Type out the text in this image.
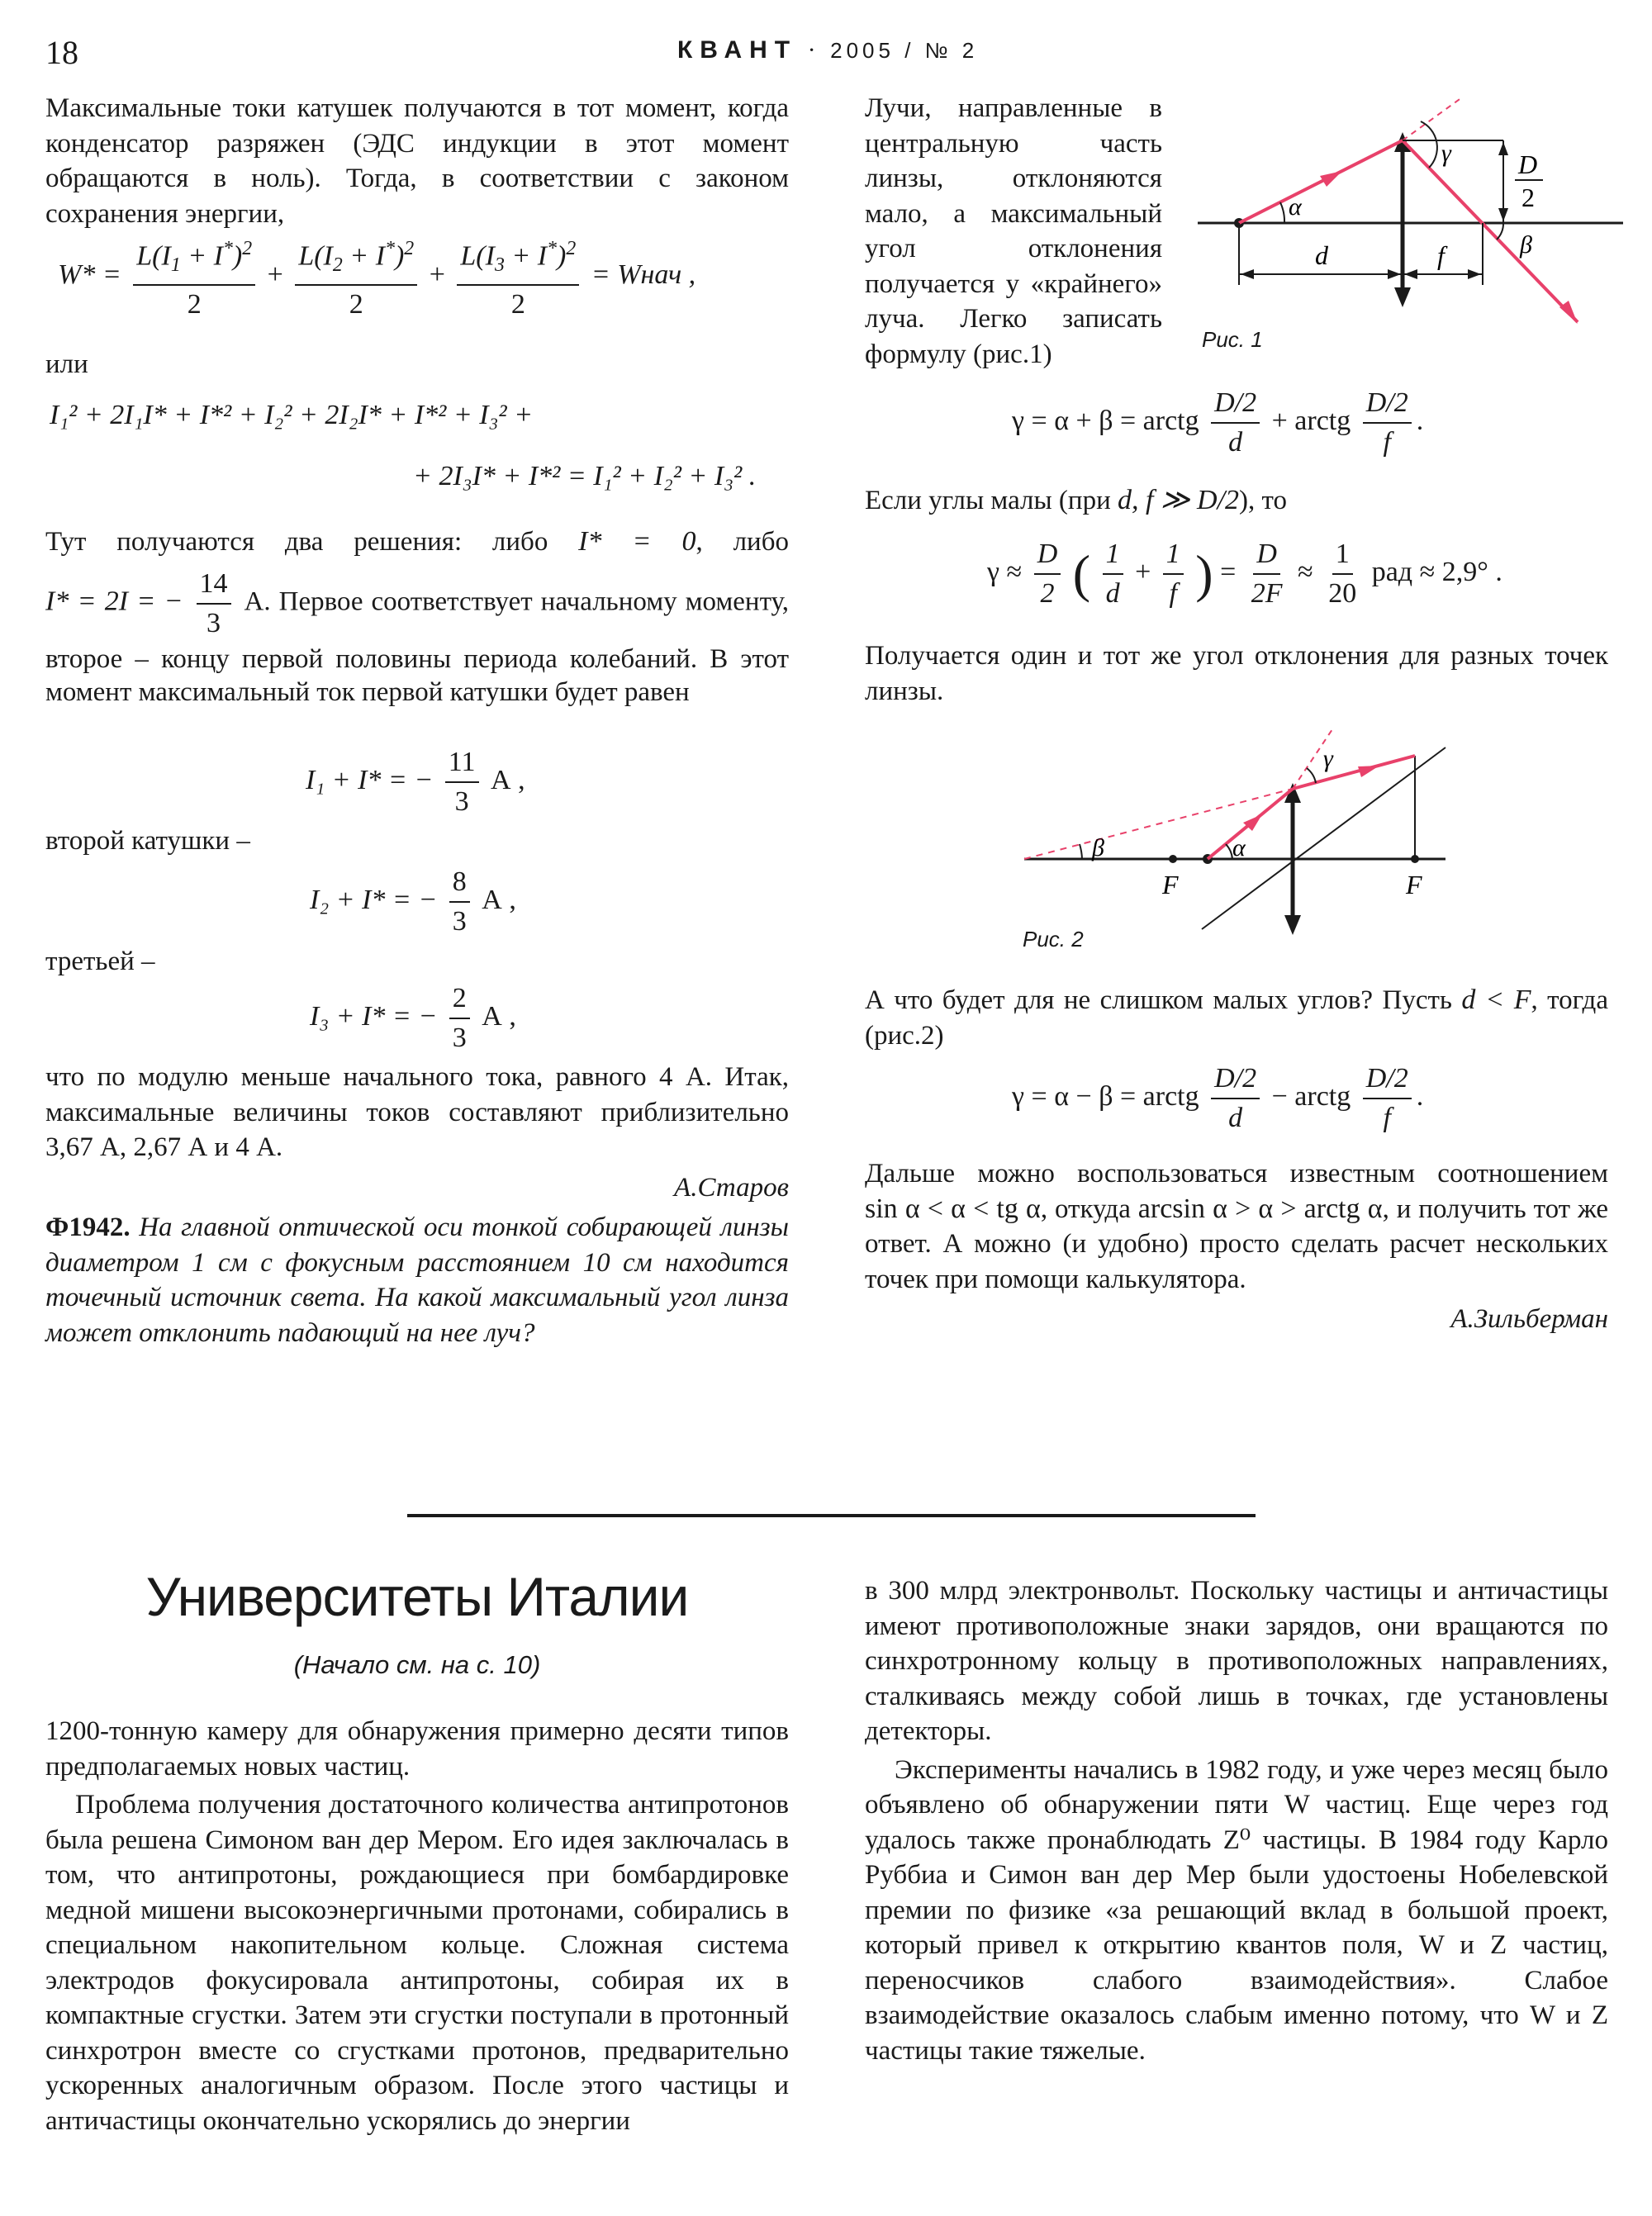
18	КВАНТ · 2005 / № 2

Максимальные токи катушек получаются в тот момент, когда конденсатор разряжен (ЭДС индукции в этот момент обращаются в ноль). Тогда, в соответствии с законом сохранения энергии,

$W* = \frac{L(I_1 + I^*)^2}{2} + \frac{L(I_2 + I^*)^2}{2} + \frac{L(I_3 + I^*)^2}{2}$ = Wнач ,
или
I₁² + 2I₁I* + I*² + I₂² + 2I₂I* + I*² + I₃² +
+ 2I₃I* + I*² = I₁² + I₂² + I₃² .

Тут получаются два решения: либо I* = 0, либо

I* = 2I = − $\frac{14}{3} А$. Первое соответствует начальному моменту, второе – концу первой половины периода колебаний. В этот момент максимальный ток первой катушки будет равен

I₁ + I* = − $\frac{11}{3}$ А ,
второй катушки –
I₂ + I* = − $\frac{8}{3}$ А ,
третьей –
I₃ + I* = − $\frac{2}{3}$ А ,

что по модулю меньше начального тока, равного 4 А. Итак, максимальные величины токов составляют приблизительно 3,67 А, 2,67 А и 4 А.

А.Старов

Ф1942. На главной оптической оси тонкой собирающей линзы диаметром 1 см с фокусным расстоянием 10 см находится точечный источник света. На какой максимальный угол линза может отклонить падающий на нее луч?

Лучи, направленные в центральную часть линзы, отклоняются мало, а максимальный угол отклонения получается у «крайнего» луча. Легко записать формулу (рис.1)

α
γ
β
d	f
D
2
Рис. 1
γ = α + β = arctg $\frac{D/2}{d}$ + arctg $\frac{D/2}{f}$ .
Если углы малы (при d, f ≫ D/2), то
$\gamma \approx \frac{D}{2}$ ( $\frac{1}{d} + \frac{1}{f}$ ) = $\frac{D}{2F} \approx \frac{1}{20}$ рад ≈ 2,9° .

Получается один и тот же угол отклонения для разных точек линзы.

β	α
γ
F	F
Рис. 2

А что будет для не слишком малых углов? Пусть d < F, тогда (рис.2)

γ = α − β = arctg $\frac{D/2}{d}$ − arctg $\frac{D/2}{f}$ .

Дальше можно воспользоваться известным соотношением sin α < α < tg α, откуда arcsin α > α > arctg α, и получить тот же ответ. А можно (и удобно) просто сделать расчет нескольких точек при помощи калькулятора.

А.Зильберман

Университеты Италии
(Начало см. на с. 10)

1200-тонную камеру для обнаружения примерно десяти типов предполагаемых новых частиц.

Проблема получения достаточного количества антипротонов была решена Симоном ван дер Мером. Его идея заключалась в том, что антипротоны, рождающиеся при бомбардировке медной мишени высокоэнергичными протонами, собирались в специальном накопительном кольце. Сложная система электродов фокусировала антипротоны, собирая их в компактные сгустки. Затем эти сгустки поступали в протонный синхротрон вместе со сгустками протонов, предварительно ускоренных аналогичным образом. После этого частицы и античастицы окончательно ускорялись до энергии

в 300 млрд электронвольт. Поскольку частицы и античастицы имеют противоположные знаки зарядов, они вращаются по синхротронному кольцу в противоположных направлениях, сталкиваясь между собой лишь в точках, где установлены детекторы.

Эксперименты начались в 1982 году, и уже через месяц было объявлено об обнаружении пяти W частиц. Еще через год удалось также пронаблюдать Z⁰ частицы. В 1984 году Карло Руббиа и Симон ван дер Мер были удостоены Нобелевской премии по физике «за решающий вклад в большой проект, который привел к открытию квантов поля, W и Z частиц, переносчиков слабого взаимодействия». Слабое взаимодействие оказалось слабым именно потому, что W и Z частицы такие тяжелые.
